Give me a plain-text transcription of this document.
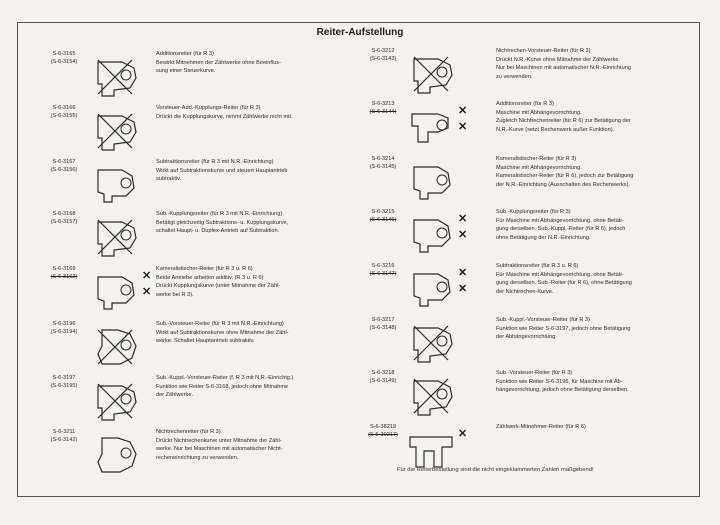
Reiter-Aufstellung
S-6-3165
(S-6-3154)
Additionsreiter (für R 3)
Bewirkt Mitnehmen der Zählwerke ohne Beeinflus-
sung einer Steuerkurve.
S-6-3166
(S-6-3155)
Vorsteuer-Add.-Kupplungs-Reiter (für R 3)
Drückt die Kupplungskurve, nimmt Zählwerke nicht mit.
S-6-3167
(S-6-3156)
Subtraktionsreiter (für R 3 mit N.R.-Einrichtung)
Wirkt auf Subtraktionskurve und steuert Hauptantrieb
subtraktiv.
S-6-3168
(S-6-3157)
Sub.-Kupplungsreiter (für R 3 mit N.R.-Einrichtung)
Betätigt gleichzeitig Subtraktions- u. Kupplungskurve,
schaltet Haupt- u. Duplex-Antrieb auf Subtraktion.
S-6-3169
(S-6-3162)	✕
✕
Kameralistischer-Reiter (für R 3 u. R 6)
Beide Antriebe arbeiten additiv. (R 3 u. R 6)
Drückt Kupplungskurve (unter Mitnahme der Zähl-
werke bei R 3).
S-6-3196
(S-6-3194)
Sub.-Vorsteuer-Reiter (für R 3 mit N.R.-Einrichtung)
Wirkt auf Subtraktionskurve ohne Mitnahme der Zähl-
werke. Schaltet Hauptantrieb subtraktiv.
S-6-3197
(S-6-3195)
Sub.-Kuppl.-Vorsteuer-Reiter (f. R 3 mit N.R.-Einrichtg.)
Funktion wie Reiter S-6-3168, jedoch ohne Mitnahme
der Zählwerke.
S-6-3211
(S-6-3142)
Nichtrechenreiter (für R 3)
Drückt Nichtrechenkurve unter Mitnahme der Zähl-
werke. Nur bei Maschinen mit automatischer Nicht-
recheneinrichtung zu verwenden.
S-6-3212
(S-6-3143)
Nichtrechen-Vorsteuer-Reiter (für R 3)
Drückt N.R.-Kurve ohne Mitnahme der Zählwerke.
Nur bei Maschinen mit automatischer N.R.-Einrichtung
zu verwenden.
S-6-3213
(S-6-3144)	✕
✕
Additionsreiter (für R 3)
Maschine mit Abhängevorrichtung.
Zugleich Nichtrechenreiter (für R 6) zur Betätigung der
N.R.-Kurve (setzt Rechenwerk außer Funktion).
S-6-3214
(S-6-3145)
Kameralistischer-Reiter (für R 3)
Maschine mit Abhängevorrichtung.
Kameralistischer-Reiter (für R 6), jedoch zur Betätigung
der N.R.-Einrichtung (Ausschalten des Rechenwerks).
S-6-3215
(S-6-3146)	✕
✕
Sub.-Kupplungsreiter (für R 3)
Für Maschine mit Abhängevorrichtung, ohne Betäti-
gung derselben. Sub.-Kuppl.-Reiter (für R 6), jedoch
ohne Betätigung der N.R.-Einrichtung.
S-6-3216
(S-6-3147)	✕
✕
Subtraktionsreiter (für R 3 u. R 6)
Für Maschine mit Abhängevorrichtung, ohne Betäti-
gung derselben. Sub.-Reiter (für R 6), ohne Betätigung
der Nichtrechen-Kurve.
S-6-3217
(S-6-3148)
Sub.-Kuppl.-Vorsteuer-Reiter (für R 3)
Funktion wie Reiter S-6-3197, jedoch ohne Betätigung
der Abhängevorrichtung.
S-6-3218
(S-6-3149)
Sub.-Vorsteuer-Reiter (für R 3)
Funktion wie Reiter S-6-3196, für Maschine mit Ab-
hängevorrichtung, jedoch ohne Betätigung derselben.
S-6-38219
(S-6-30217)	✕
Zählwerk-Mitnehmer-Reiter (für R 6)
Für die Reiterbestellung sind die nicht eingeklammerten Zahlen maßgebend!
